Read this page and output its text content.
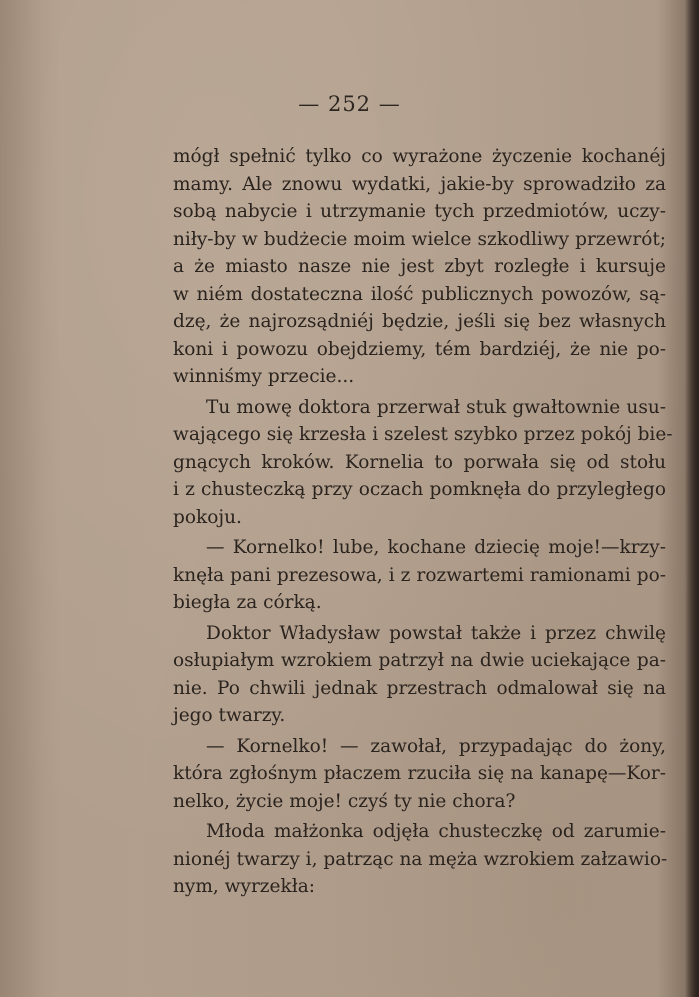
— 252 —
mógł spełnić tylko co wyrażone życzenie kochanéj
mamy. Ale znowu wydatki, jakie-by sprowadziło za
sobą nabycie i utrzymanie tych przedmiotów, uczy-
niły-by w budżecie moim wielce szkodliwy przewrót;
a że miasto nasze nie jest zbyt rozległe i kursuje
w niém dostateczna ilość publicznych powozów, są-
dzę, że najrozsądniéj będzie, jeśli się bez własnych
koni i powozu obejdziemy, tém bardziéj, że nie po-
winniśmy przecie...
Tu mowę doktora przerwał stuk gwałtownie usu-
wającego się krzesła i szelest szybko przez pokój bie-
gnących kroków. Kornelia to porwała się od stołu
i z chusteczką przy oczach pomknęła do przyległego
pokoju.
— Kornelko! lube, kochane dziecię moje!—krzy-
knęła pani prezesowa, i z rozwartemi ramionami po-
biegła za córką.
Doktor Władysław powstał także i przez chwilę
osłupiałym wzrokiem patrzył na dwie uciekające pa-
nie. Po chwili jednak przestrach odmalował się na
jego twarzy.
— Kornelko! — zawołał, przypadając do żony,
która zgłośnym płaczem rzuciła się na kanapę—Kor-
nelko, życie moje! czyś ty nie chora?
Młoda małżonka odjęła chusteczkę od zarumie-
nionéj twarzy i, patrząc na męża wzrokiem załzawio-
nym, wyrzekła:
